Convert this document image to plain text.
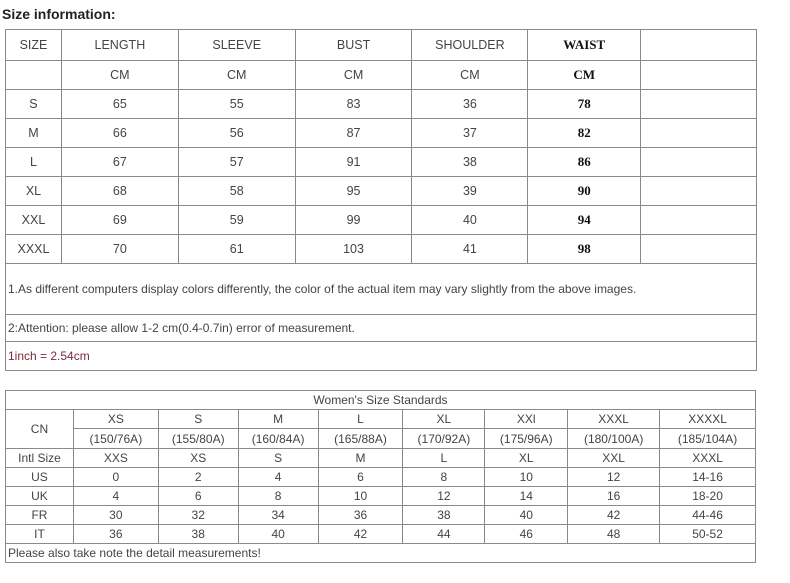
Size information:
SIZE	LENGTH	SLEEVE	BUST	SHOULDER	WAIST	
	CM	CM	CM	CM	CM	
S	65	55	83	36	78	
M	66	56	87	37	82	
L	67	57	91	38	86	
XL	68	58	95	39	90	
XXL	69	59	99	40	94	
XXXL	70	61	103	41	98	
1.As different computers display colors differently, the color of the actual item may vary slightly from the above images.						
2:Attention: please allow 1-2 cm(0.4-0.7in) error of measurement.						
1inch = 2.54cm						
Women's Size Standards								
CN	XS	S	M	L	XL	XXl	XXXL	XXXXL
	(150/76A)	(155/80A)	(160/84A)	(165/88A)	(170/92A)	(175/96A)	(180/100A)	(185/104A)
Intl Size	XXS	XS	S	M	L	XL	XXL	XXXL
US	0	2	4	6	8	10	12	14-16
UK	4	6	8	10	12	14	16	18-20
FR	30	32	34	36	38	40	42	44-46
IT	36	38	40	42	44	46	48	50-52
Please also take note the detail measurements!								
